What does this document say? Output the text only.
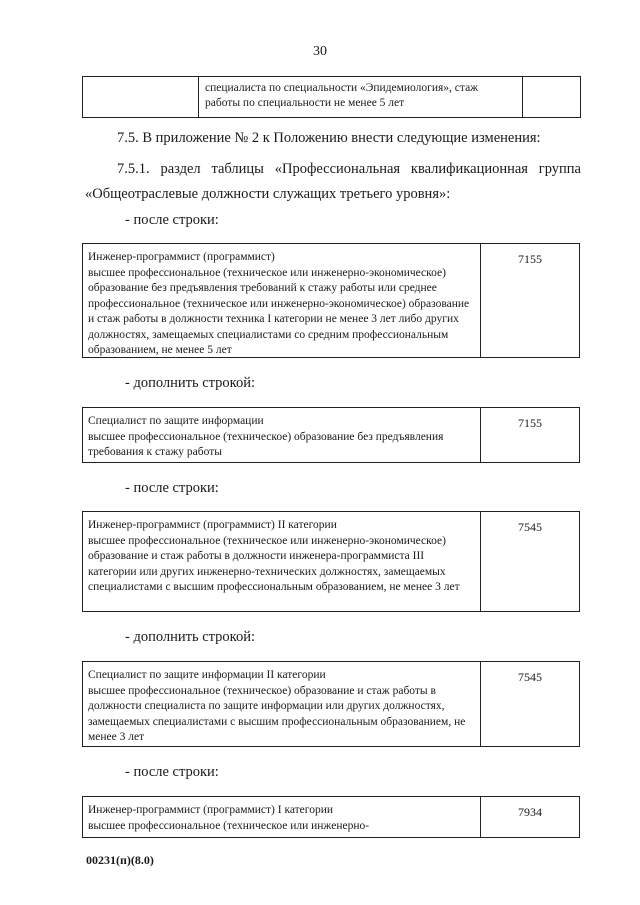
30
специалиста по специальности «Эпидемиология», стаж работы по специальности не менее 5 лет
7.5. В приложение № 2 к Положению внести следующие изменения:
7.5.1. раздел таблицы «Профессиональная квалификационная группа
«Общеотраслевые должности служащих третьего уровня»:
- после строки:
Инженер-программист (программист)
высшее профессиональное (техническое или инженерно-экономическое) образование без предъявления требований к стажу работы или среднее профессиональное (техническое или инженерно-экономическое) образование и стаж работы в должности техника I категории не менее 3 лет либо других должностях, замещаемых специалистами со средним профессиональным образованием, не менее 5 лет
7155
- дополнить строкой:
Специалист по защите информации
высшее профессиональное (техническое) образование без предъявления требования к стажу работы
7155
- после строки:
Инженер-программист (программист) II категории
высшее профессиональное (техническое или инженерно-экономическое) образование и стаж работы в должности инженера-программиста III категории или других инженерно-технических должностях, замещаемых специалистами с высшим профессиональным образованием, не менее 3 лет
7545
- дополнить строкой:
Специалист по защите информации II категории
высшее профессиональное (техническое) образование и стаж работы в должности специалиста по защите информации или других должностях, замещаемых специалистами с высшим профессиональным образованием, не менее 3 лет
7545
- после строки:
Инженер-программист (программист) I категории
высшее профессиональное (техническое или инженерно-
7934
00231(п)(8.0)
